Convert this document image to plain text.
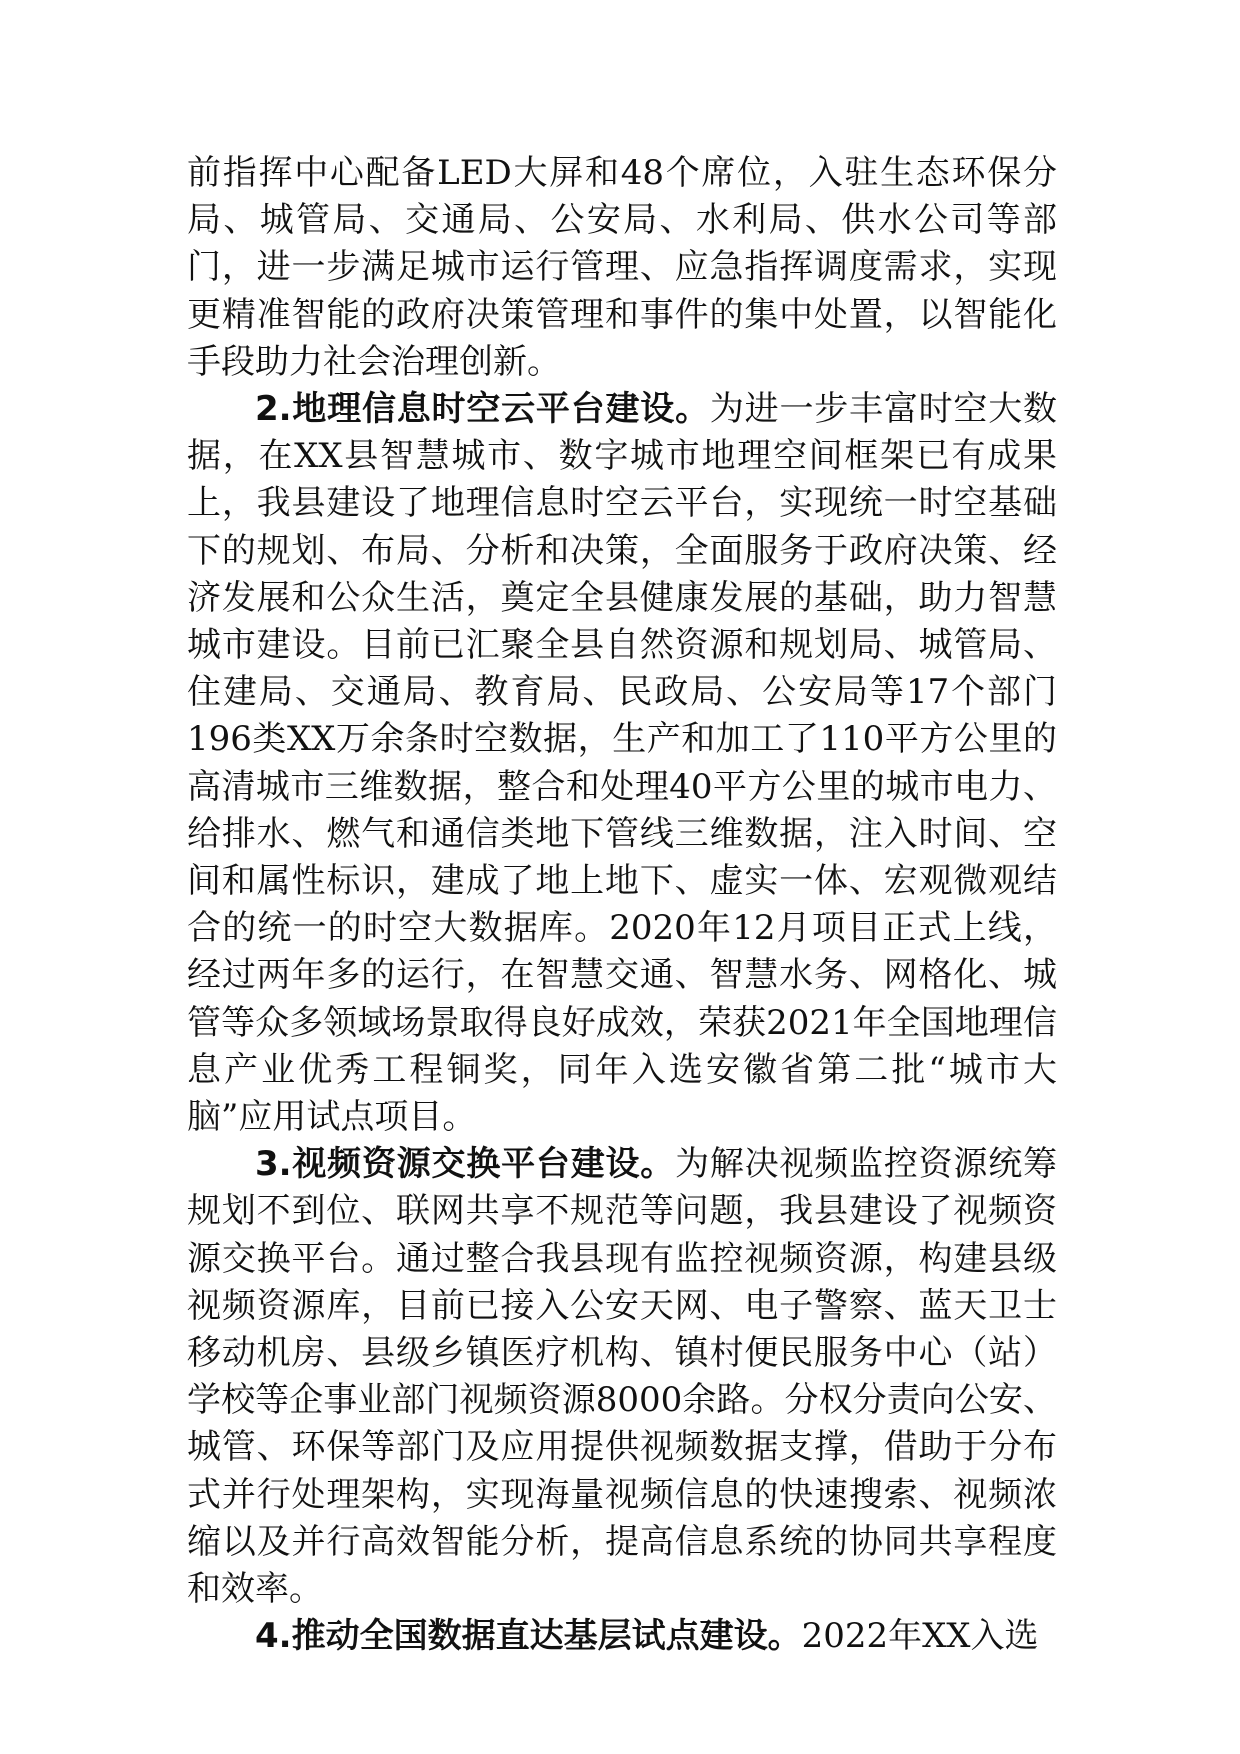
前指挥中心配备LED大屏和48个席位，入驻生态环保分局、城管局、交通局、公安局、水利局、供水公司等部门，进一步满足城市运行管理、应急指挥调度需求，实现更精准智能的政府决策管理和事件的集中处置，以智能化手段助力社会治理创新。

2.地理信息时空云平台建设。为进一步丰富时空大数据，在XX县智慧城市、数字城市地理空间框架已有成果上，我县建设了地理信息时空云平台，实现统一时空基础下的规划、布局、分析和决策，全面服务于政府决策、经济发展和公众生活，奠定全县健康发展的基础，助力智慧城市建设。目前已汇聚全县自然资源和规划局、城管局、住建局、交通局、教育局、民政局、公安局等17个部门196类XX万余条时空数据，生产和加工了110平方公里的高清城市三维数据，整合和处理40平方公里的城市电力、给排水、燃气和通信类地下管线三维数据，注入时间、空间和属性标识，建成了地上地下、虚实一体、宏观微观结合的统一的时空大数据库。2020年12月项目正式上线，经过两年多的运行，在智慧交通、智慧水务、网格化、城管等众多领域场景取得良好成效，荣获2021年全国地理信息产业优秀工程铜奖，同年入选安徽省第二批“城市大脑”应用试点项目。

3.视频资源交换平台建设。为解决视频监控资源统筹规划不到位、联网共享不规范等问题，我县建设了视频资源交换平台。通过整合我县现有监控视频资源，构建县级视频资源库，目前已接入公安天网、电子警察、蓝天卫士移动机房、县级乡镇医疗机构、镇村便民服务中心（站）学校等企事业部门视频资源8000余路。分权分责向公安、城管、环保等部门及应用提供视频数据支撑，借助于分布式并行处理架构，实现海量视频信息的快速搜索、视频浓缩以及并行高效智能分析，提高信息系统的协同共享程度和效率。

4.推动全国数据直达基层试点建设。2022年XX入选
